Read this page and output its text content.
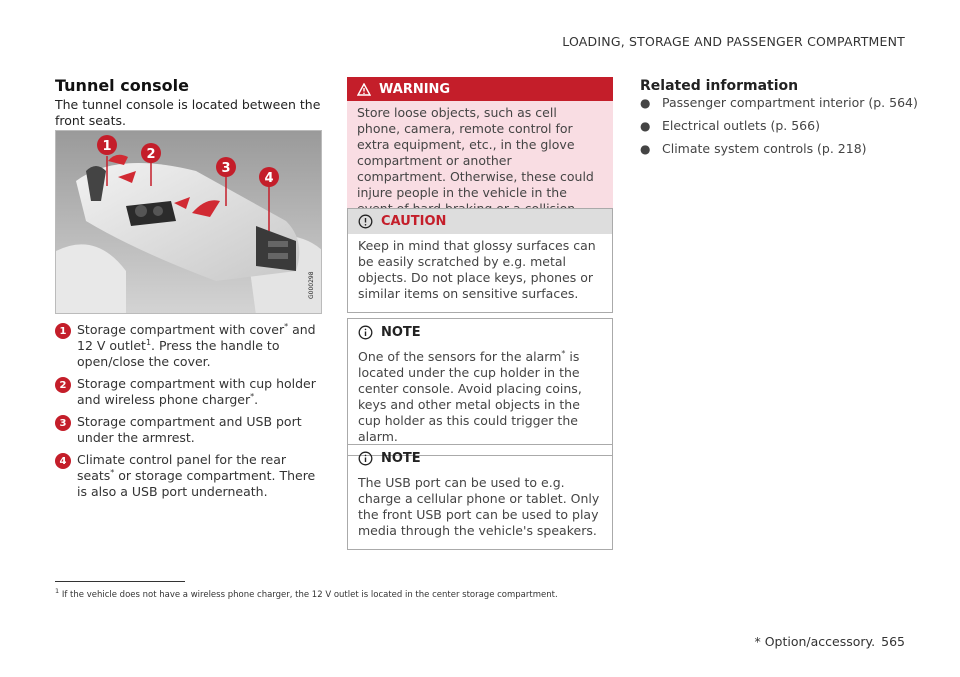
LOADING, STORAGE AND PASSENGER COMPARTMENT
Tunnel console

The tunnel console is located between the front seats.

1
2
3
4
G000298
1 Storage compartment with cover* and 12 V outlet$^1$. Press the handle to open/close the cover.
2 Storage compartment with cup holder and wireless phone charger*.
3 Storage compartment and USB port under the armrest.
4 Climate control panel for the rear seats* or storage compartment. There is also a USB port underneath.
WARNING
Store loose objects, such as cell phone, camera, remote control for extra equipment, etc., in the glove compartment or another compartment. Otherwise, these could injure people in the vehicle in the
CAUTION
Keep in mind that glossy surfaces can be easily scratched by e.g. metal objects. Do not place keys, phones or similar items on sensitive surfaces.
NOTE
One of the sensors for the alarm* is located under the cup holder in the center console. Avoid placing coins, keys and other metal objects in the cup holder as this could trigger the alarm.
NOTE
The USB port can be used to e.g. charge a cellular phone or tablet. Only the front USB port can be used to play media through the vehicle's speakers.
Related information
● Passenger compartment interior (p. 564)
● Electrical outlets (p. 566)
● Climate system controls (p. 218)
$^1$ If the vehicle does not have a wireless phone charger, the 12 V outlet is located in the center storage compartment.
* Option/accessory. 565
